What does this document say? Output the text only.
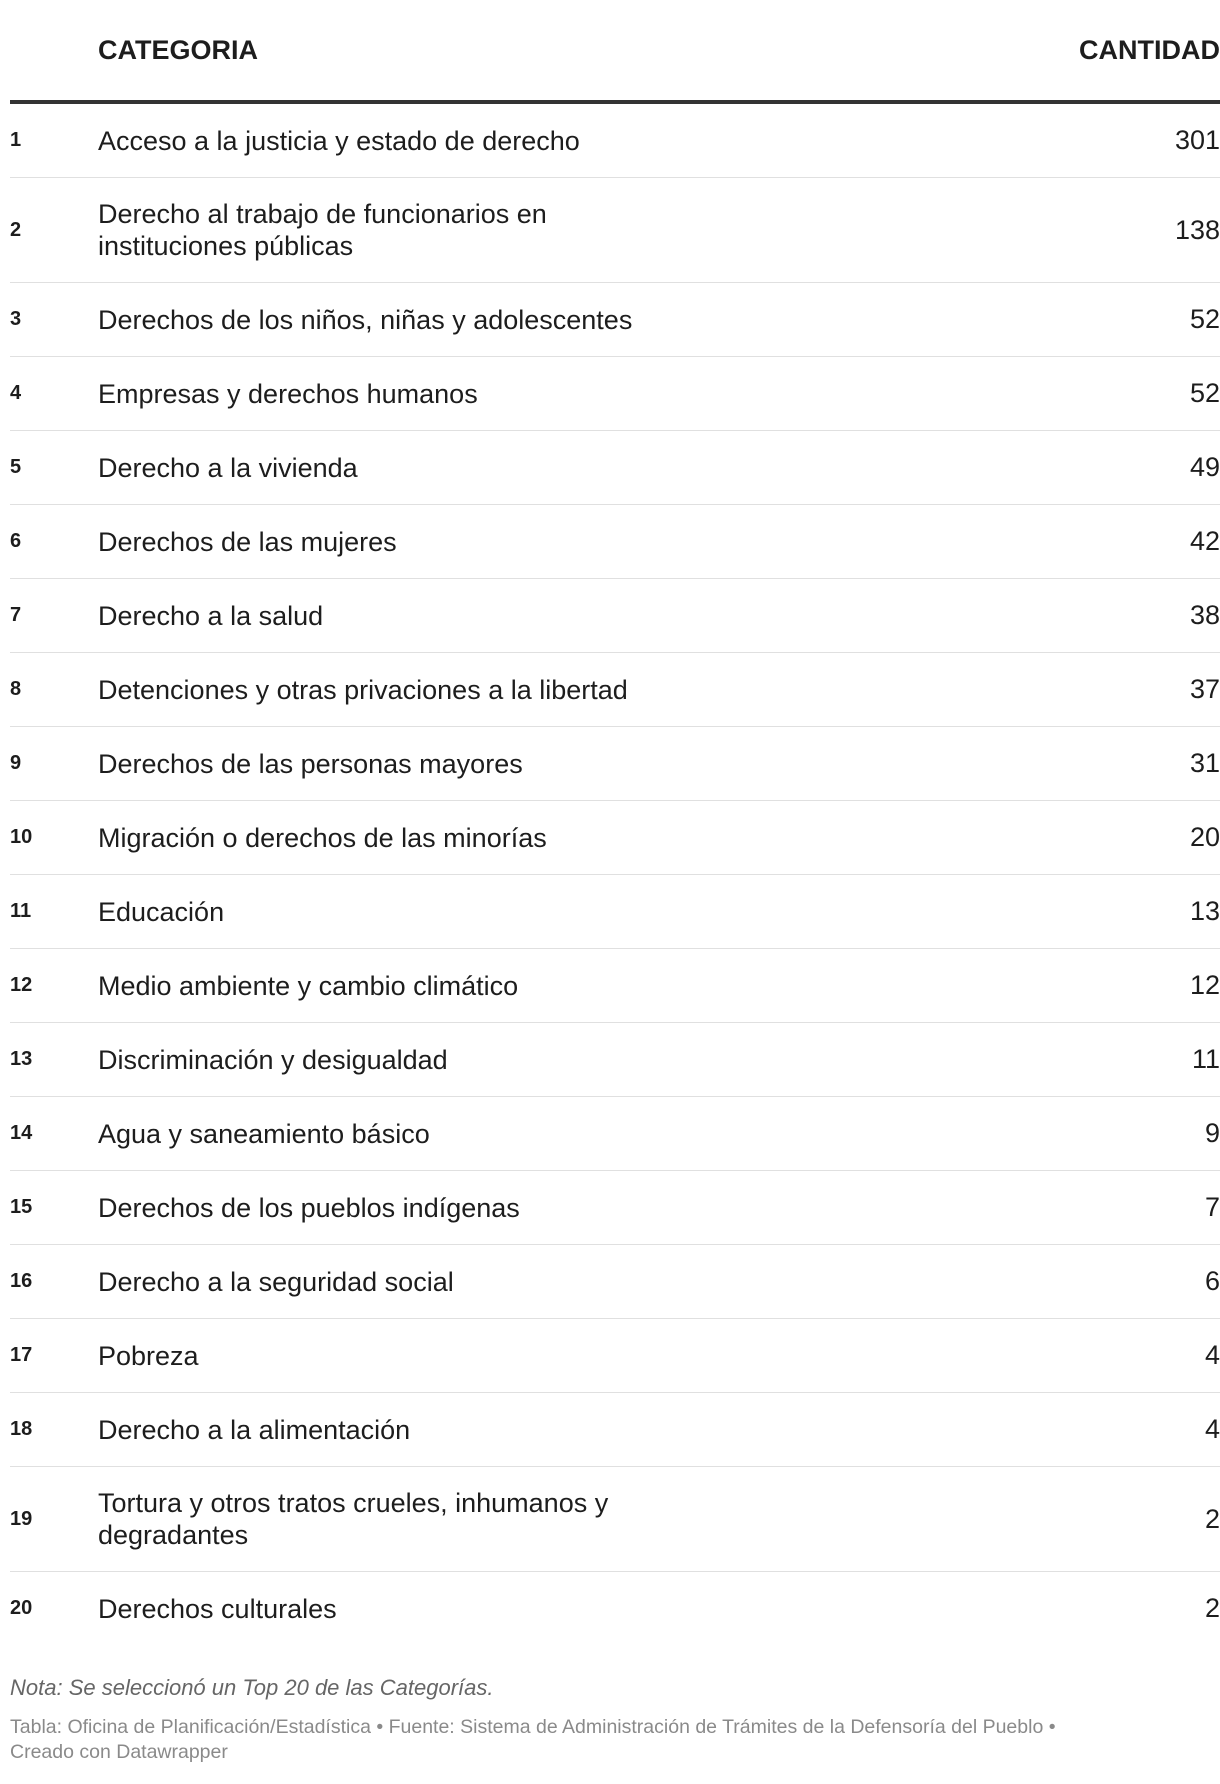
	CATEGORIA	CANTIDAD
1	Acceso a la justicia y estado de derecho	301
2	Derecho al trabajo de funcionarios en instituciones públicas	138
3	Derechos de los niños, niñas y adolescentes	52
4	Empresas y derechos humanos	52
5	Derecho a la vivienda	49
6	Derechos de las mujeres	42
7	Derecho a la salud	38
8	Detenciones y otras privaciones a la libertad	37
9	Derechos de las personas mayores	31
10	Migración o derechos de las minorías	20
11	Educación	13
12	Medio ambiente y cambio climático	12
13	Discriminación y desigualdad	11
14	Agua y saneamiento básico	9
15	Derechos de los pueblos indígenas	7
16	Derecho a la seguridad social	6
17	Pobreza	4
18	Derecho a la alimentación	4
19	Tortura y otros tratos crueles, inhumanos y degradantes	2
20	Derechos culturales	2
Nota: Se seleccionó un Top 20 de las Categorías.
Tabla: Oficina de Planificación/Estadística • Fuente: Sistema de Administración de Trámites de la Defensoría del Pueblo •
Creado con Datawrapper
